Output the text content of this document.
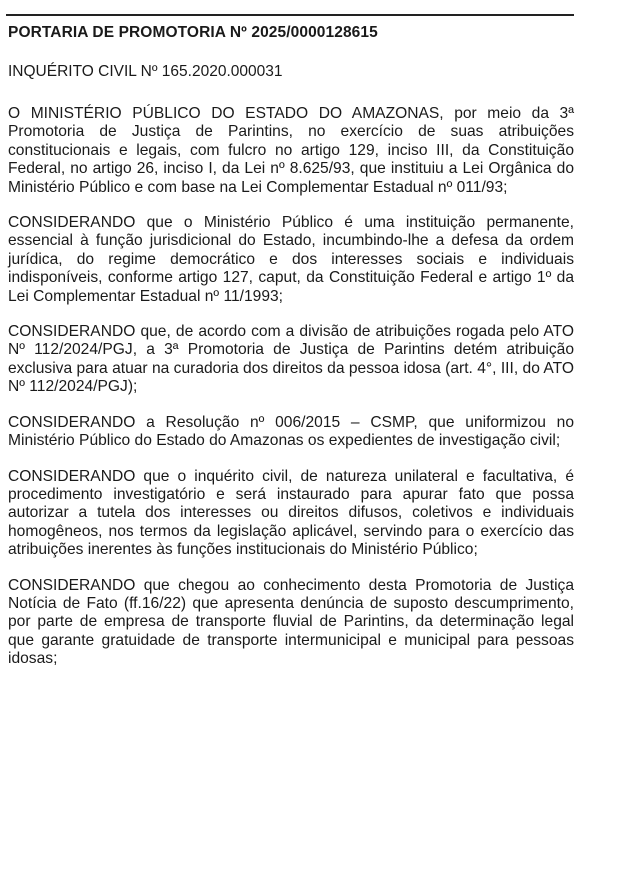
PORTARIA DE PROMOTORIA Nº 2025/0000128615

INQUÉRITO CIVIL Nº 165.2020.000031

O MINISTÉRIO PÚBLICO DO ESTADO DO AMAZONAS, por meio da 3ª Promotoria de Justiça de Parintins, no exercício de suas atribuições constitucionais e legais, com fulcro no artigo 129, inciso III, da Constituição Federal, no artigo 26, inciso I, da Lei nº 8.625/93, que instituiu a Lei Orgânica do Ministério Público e com base na Lei Complementar Estadual nº 011/93;

CONSIDERANDO que o Ministério Público é uma instituição permanente, essencial à função jurisdicional do Estado, incumbindo-lhe a defesa da ordem jurídica, do regime democrático e dos interesses sociais e individuais indisponíveis, conforme artigo 127, caput, da Constituição Federal e artigo 1º da Lei Complementar Estadual nº 11/1993;

CONSIDERANDO que, de acordo com a divisão de atribuições rogada pelo ATO Nº 112/2024/PGJ, a 3ª Promotoria de Justiça de Parintins detém atribuição exclusiva para atuar na curadoria dos direitos da pessoa idosa (art. 4°, III, do ATO Nº 112/2024/PGJ);

CONSIDERANDO a Resolução nº 006/2015 – CSMP, que uniformizou no Ministério Público do Estado do Amazonas os expedientes de investigação civil;

CONSIDERANDO que o inquérito civil, de natureza unilateral e facultativa, é procedimento investigatório e será instaurado para apurar fato que possa autorizar a tutela dos interesses ou direitos difusos, coletivos e individuais homogêneos, nos termos da legislação aplicável, servindo para o exercício das atribuições inerentes às funções institucionais do Ministério Público;

CONSIDERANDO que chegou ao conhecimento desta Promotoria de Justiça Notícia de Fato (ff.16/22) que apresenta denúncia de suposto descumprimento, por parte de empresa de transporte fluvial de Parintins, da determinação legal que garante gratuidade de transporte intermunicipal e municipal para pessoas idosas;
